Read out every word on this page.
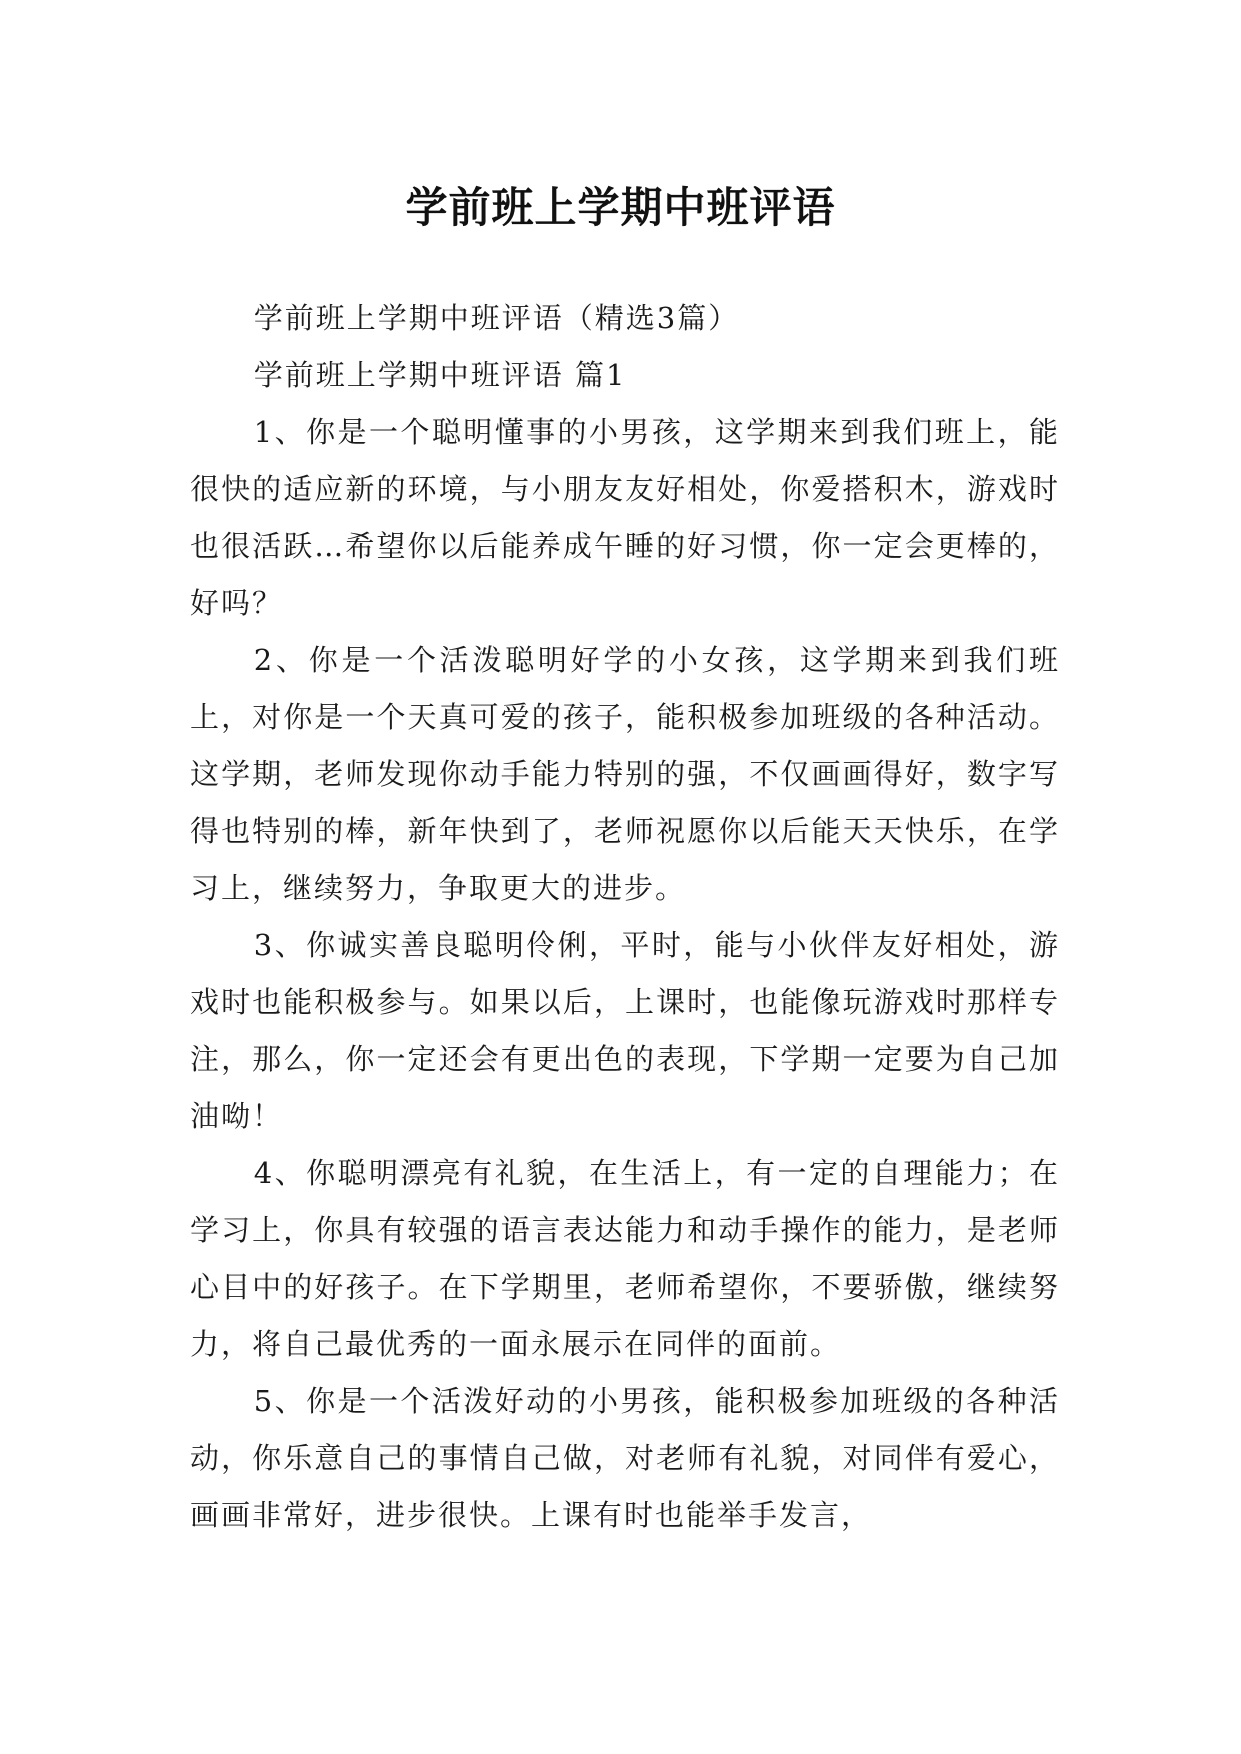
学前班上学期中班评语

学前班上学期中班评语（精选3篇）

学前班上学期中班评语 篇1

1、你是一个聪明懂事的小男孩，这学期来到我们班上，能很快的适应新的环境，与小朋友友好相处，你爱搭积木，游戏时也很活跃…希望你以后能养成午睡的好习惯，你一定会更棒的，好吗？

2、你是一个活泼聪明好学的小女孩，这学期来到我们班上，对你是一个天真可爱的孩子，能积极参加班级的各种活动。这学期，老师发现你动手能力特别的强，不仅画画得好，数字写得也特别的棒，新年快到了，老师祝愿你以后能天天快乐，在学习上，继续努力，争取更大的进步。

3、你诚实善良聪明伶俐，平时，能与小伙伴友好相处，游戏时也能积极参与。如果以后，上课时，也能像玩游戏时那样专注，那么，你一定还会有更出色的表现，下学期一定要为自己加油呦！

4、你聪明漂亮有礼貌，在生活上，有一定的自理能力；在学习上，你具有较强的语言表达能力和动手操作的能力，是老师心目中的好孩子。在下学期里，老师希望你，不要骄傲，继续努力，将自己最优秀的一面永展示在同伴的面前。

5、你是一个活泼好动的小男孩，能积极参加班级的各种活动，你乐意自己的事情自己做，对老师有礼貌，对同伴有爱心，画画非常好，进步很快。上课有时也能举手发言，
